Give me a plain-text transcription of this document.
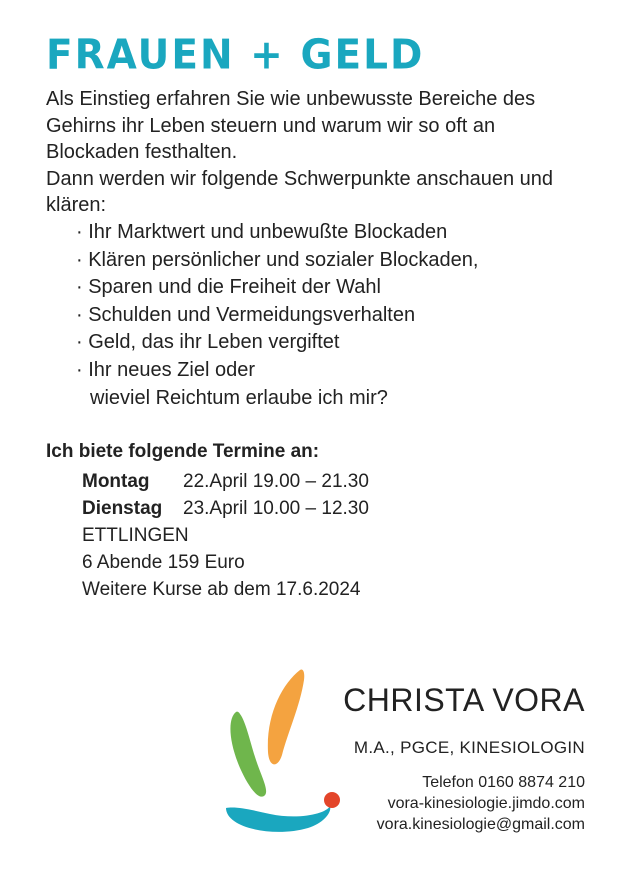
FRAUEN + GELD

Als Einstieg erfahren Sie wie unbewusste Bereiche des Gehirns ihr Leben steuern und warum wir so oft an Blockaden festhalten.

Dann werden wir folgende Schwerpunkte anschauen und klären:

· Ihr Marktwert und unbewußte Blockaden
· Klären persönlicher und sozialer Blockaden,
· Sparen und die Freiheit der Wahl
· Schulden und Vermeidungsverhalten
· Geld, das ihr Leben vergiftet
· Ihr neues Ziel oder
wieviel Reichtum erlaube ich mir?
Ich biete folgende Termine an:
Montag 22.April 19.00 – 21.30
Dienstag 23.April 10.00 – 12.30
ETTLINGEN
6 Abende 159 Euro
Weitere Kurse ab dem 17.6.2024
CHRISTA VORA
M.A., PGCE, KINESIOLOGIN
Telefon 0160 8874 210
vora-kinesiologie.jimdo.com
vora.kinesiologie@gmail.com
